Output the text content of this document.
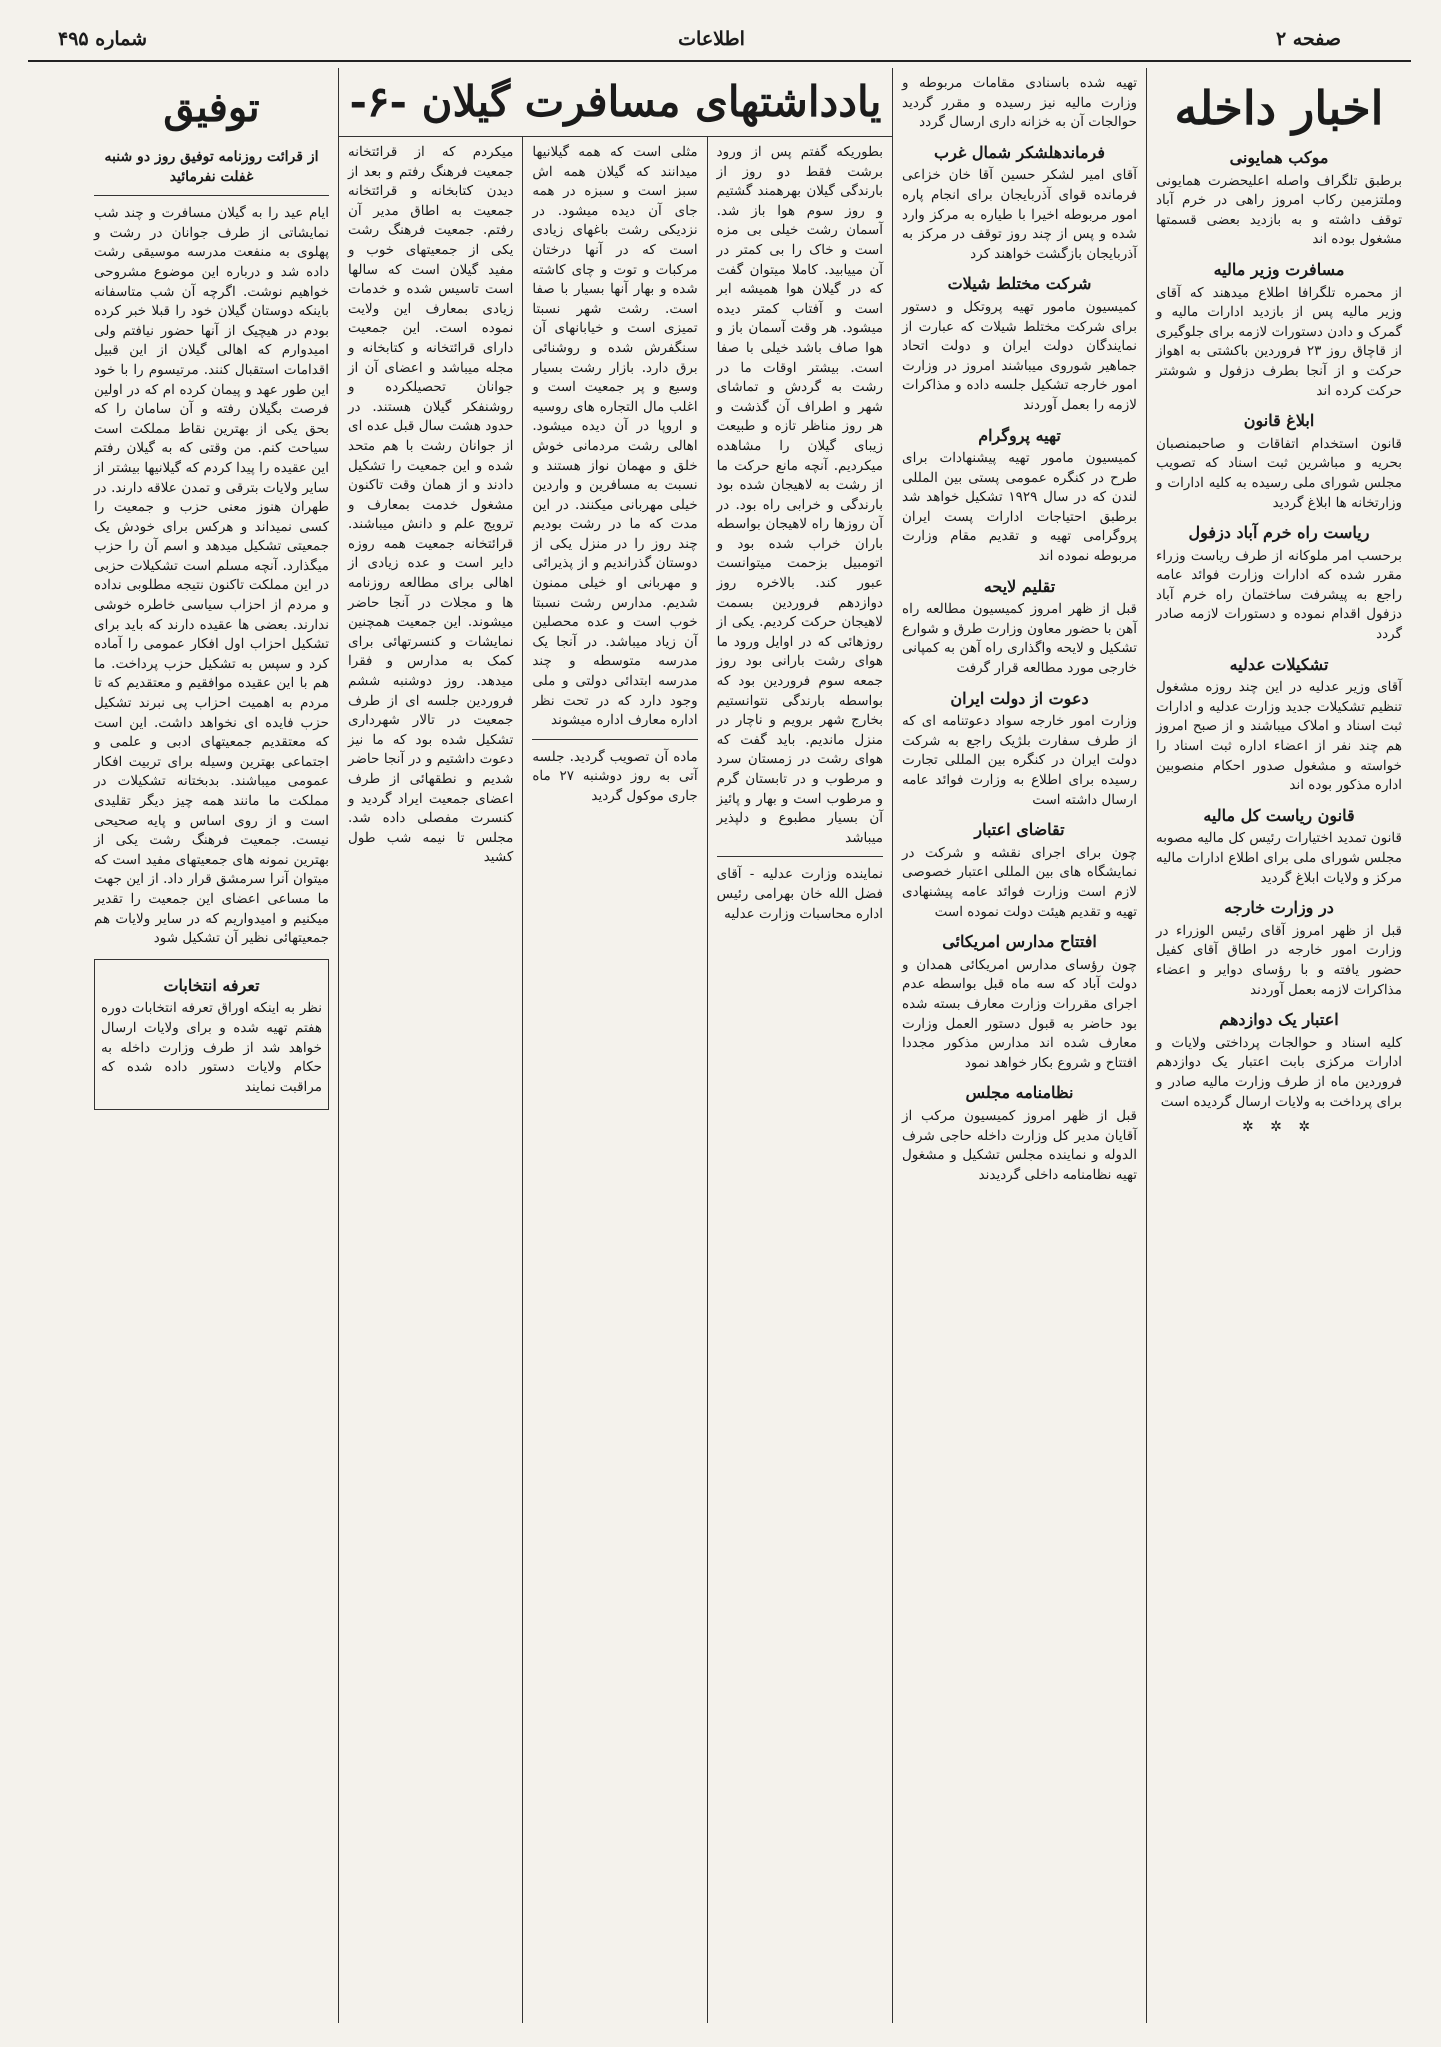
صفحه ۲
اطلاعات
شماره ۴۹۵
اخبار داخله
موکب همایونی

برطبق تلگراف واصله اعلیحضرت همایونی وملتزمین رکاب امروز راهی در خرم آباد توقف داشته و به بازدید بعضی قسمتها مشغول بوده اند

مسافرت وزیر مالیه

از محمره تلگرافا اطلاع میدهند که آقای وزیر مالیه پس از بازدید ادارات مالیه و گمرک و دادن دستورات لازمه برای جلوگیری از قاچاق روز ۲۳ فروردین باکشتی به اهواز حرکت و از آنجا بطرف دزفول و شوشتر حرکت کرده اند

ابلاغ قانون

قانون استخدام اتفاقات و صاحبمنصبان بحریه و مباشرین ثبت اسناد که تصویب مجلس شورای ملی رسیده به کلیه ادارات و وزارتخانه ها ابلاغ گردید

ریاست راه خرم آباد دزفول

برحسب امر ملوکانه از طرف ریاست وزراء مقرر شده که ادارات وزارت فوائد عامه راجع به پیشرفت ساختمان راه خرم آباد دزفول اقدام نموده و دستورات لازمه صادر گردد

تشکیلات عدلیه

آقای وزیر عدلیه در این چند روزه مشغول تنظیم تشکیلات جدید وزارت عدلیه و ادارات ثبت اسناد و املاک میباشند و از صبح امروز هم چند نفر از اعضاء اداره ثبت اسناد را خواسته و مشغول صدور احکام منصوبین اداره مذکور بوده اند

قانون ریاست کل مالیه

قانون تمدید اختیارات رئیس کل مالیه مصوبه مجلس شورای ملی برای اطلاع ادارات مالیه مرکز و ولایات ابلاغ گردید

در وزارت خارجه

قبل از ظهر امروز آقای رئیس الوزراء در وزارت امور خارجه در اطاق آقای کفیل حضور یافته و با رؤسای دوایر و اعضاء مذاکرات لازمه بعمل آوردند

اعتبار یک دوازدهم

کلیه اسناد و حوالجات پرداختی ولایات و ادارات مرکزی بابت اعتبار یک دوازدهم فروردین ماه از طرف وزارت مالیه صادر و برای پرداخت به ولایات ارسال گردیده است

✲ ✲ ✲

تهیه شده باسنادی مقامات مربوطه و وزارت مالیه نیز رسیده و مقرر گردید حوالجات آن به خزانه داری ارسال گردد

فرماندهلشکر شمال غرب

آقای امیر لشکر حسین آقا خان خزاعی فرمانده قوای آذربایجان برای انجام پاره امور مربوطه اخیرا با طیاره به مرکز وارد شده و پس از چند روز توقف در مرکز به آذربایجان بازگشت خواهند کرد

شرکت مختلط شیلات

کمیسیون مامور تهیه پروتکل و دستور برای شرکت مختلط شیلات که عبارت از نمایندگان دولت ایران و دولت اتحاد جماهیر شوروی میباشند امروز در وزارت امور خارجه تشکیل جلسه داده و مذاکرات لازمه را بعمل آوردند

تهیه پروگرام

کمیسیون مامور تهیه پیشنهادات برای طرح در کنگره عمومی پستی بین المللی لندن که در سال ۱۹۲۹ تشکیل خواهد شد برطبق احتیاجات ادارات پست ایران پروگرامی تهیه و تقدیم مقام وزارت مربوطه نموده اند

تقلیم لایحه

قبل از ظهر امروز کمیسیون مطالعه راه آهن با حضور معاون وزارت طرق و شوارع تشکیل و لایحه واگذاری راه آهن به کمپانی خارجی مورد مطالعه قرار گرفت

دعوت از دولت ایران

وزارت امور خارجه سواد دعوتنامه ای که از طرف سفارت بلژیک راجع به شرکت دولت ایران در کنگره بین المللی تجارت رسیده برای اطلاع به وزارت فوائد عامه ارسال داشته است

تقاضای اعتبار

چون برای اجرای نقشه و شرکت در نمایشگاه های بین المللی اعتبار خصوصی لازم است وزارت فوائد عامه پیشنهادی تهیه و تقدیم هیئت دولت نموده است

افتتاح مدارس امریکائی

چون رؤسای مدارس امریکائی همدان و دولت آباد که سه ماه قبل بواسطه عدم اجرای مقررات وزارت معارف بسته شده بود حاضر به قبول دستور العمل وزارت معارف شده اند مدارس مذکور مجددا افتتاح و شروع بکار خواهد نمود

نظامنامه مجلس

قبل از ظهر امروز کمیسیون مرکب از آقایان مدیر کل وزارت داخله حاجی شرف الدوله و نماینده مجلس تشکیل و مشغول تهیه نظامنامه داخلی گردیدند

یادداشتهای مسافرت گیلان -۶-

بطوریکه گفتم پس از ورود برشت فقط دو روز از بارندگی گیلان بهرهمند گشتیم و روز سوم هوا باز شد. آسمان رشت خیلی بی مزه است و خاک را بی کمتر در آن مییابید. کاملا میتوان گفت که در گیلان هوا همیشه ابر است و آفتاب کمتر دیده میشود. هر وقت آسمان باز و هوا صاف باشد خیلی با صفا است. بیشتر اوقات ما در رشت به گردش و تماشای شهر و اطراف آن گذشت و هر روز مناظر تازه و طبیعت زیبای گیلان را مشاهده میکردیم. آنچه مانع حرکت ما از رشت به لاهیجان شده بود بارندگی و خرابی راه بود. در آن روزها راه لاهیجان بواسطه باران خراب شده بود و اتومبیل بزحمت میتوانست عبور کند. بالاخره روز دوازدهم فروردین بسمت لاهیجان حرکت کردیم. یکی از روزهائی که در اوایل ورود ما هوای رشت بارانی بود روز جمعه سوم فروردین بود که بواسطه بارندگی نتوانستیم بخارج شهر برویم و ناچار در منزل ماندیم. باید گفت که هوای رشت در زمستان سرد و مرطوب و در تابستان گرم و مرطوب است و بهار و پائیز آن بسیار مطبوع و دلپذیر میباشد

نماینده وزارت عدلیه - آقای فضل الله خان بهرامی رئیس اداره محاسبات وزارت عدلیه

مثلی است که همه گیلانیها میدانند که گیلان همه اش سبز است و سبزه در همه جای آن دیده میشود. در نزدیکی رشت باغهای زیادی است که در آنها درختان مرکبات و توت و چای کاشته شده و بهار آنها بسیار با صفا است. رشت شهر نسبتا تمیزی است و خیابانهای آن سنگفرش شده و روشنائی برق دارد. بازار رشت بسیار وسیع و پر جمعیت است و اغلب مال التجاره های روسیه و اروپا در آن دیده میشود. اهالی رشت مردمانی خوش خلق و مهمان نواز هستند و نسبت به مسافرین و واردین خیلی مهربانی میکنند. در این مدت که ما در رشت بودیم چند روز را در منزل یکی از دوستان گذراندیم و از پذیرائی و مهربانی او خیلی ممنون شدیم. مدارس رشت نسبتا خوب است و عده محصلین آن زیاد میباشد. در آنجا یک مدرسه متوسطه و چند مدرسه ابتدائی دولتی و ملی وجود دارد که در تحت نظر اداره معارف اداره میشوند

ماده آن تصویب گردید. جلسه آتی به روز دوشنبه ۲۷ ماه جاری موکول گردید

میکردم که از قرائتخانه جمعیت فرهنگ رفتم و بعد از دیدن کتابخانه و قرائتخانه جمعیت به اطاق مدیر آن رفتم. جمعیت فرهنگ رشت یکی از جمعیتهای خوب و مفید گیلان است که سالها است تاسیس شده و خدمات زیادی بمعارف این ولایت نموده است. این جمعیت دارای قرائتخانه و کتابخانه و مجله میباشد و اعضای آن از جوانان تحصیلکرده و روشنفکر گیلان هستند. در حدود هشت سال قبل عده ای از جوانان رشت با هم متحد شده و این جمعیت را تشکیل دادند و از همان وقت تاکنون مشغول خدمت بمعارف و ترویج علم و دانش میباشند. قرائتخانه جمعیت همه روزه دایر است و عده زیادی از اهالی برای مطالعه روزنامه ها و مجلات در آنجا حاضر میشوند. این جمعیت همچنین نمایشات و کنسرتهائی برای کمک به مدارس و فقرا میدهد. روز دوشنبه ششم فروردین جلسه ای از طرف جمعیت در تالار شهرداری تشکیل شده بود که ما نیز دعوت داشتیم و در آنجا حاضر شدیم و نطقهائی از طرف اعضای جمعیت ایراد گردید و کنسرت مفصلی داده شد. مجلس تا نیمه شب طول کشید

توفیق
از قرائت روزنامه توفیق روز دو شنبه غفلت نفرمائید

ایام عید را به گیلان مسافرت و چند شب نمایشاتی از طرف جوانان در رشت و پهلوی به منفعت مدرسه موسیقی رشت داده شد و درباره این موضوع مشروحی خواهیم نوشت. اگرچه آن شب متاسفانه باینکه دوستان گیلان خود را قبلا خبر کرده بودم در هیچیک از آنها حضور نیافتم ولی امیدوارم که اهالی گیلان از این قبیل اقدامات استقبال کنند. مرتیسوم را با خود این طور عهد و پیمان کرده ام که در اولین فرصت بگیلان رفته و آن سامان را که بحق یکی از بهترین نقاط مملکت است سیاحت کنم. من وقتی که به گیلان رفتم این عقیده را پیدا کردم که گیلانیها بیشتر از سایر ولایات بترقی و تمدن علاقه دارند. در طهران هنوز معنی حزب و جمعیت را کسی نمیداند و هرکس برای خودش یک جمعیتی تشکیل میدهد و اسم آن را حزب میگذارد. آنچه مسلم است تشکیلات حزبی در این مملکت تاکنون نتیجه مطلوبی نداده و مردم از احزاب سیاسی خاطره خوشی ندارند. بعضی ها عقیده دارند که باید برای تشکیل احزاب اول افکار عمومی را آماده کرد و سپس به تشکیل حزب پرداخت. ما هم با این عقیده موافقیم و معتقدیم که تا مردم به اهمیت احزاب پی نبرند تشکیل حزب فایده ای نخواهد داشت. این است که معتقدیم جمعیتهای ادبی و علمی و اجتماعی بهترین وسیله برای تربیت افکار عمومی میباشند. بدبختانه تشکیلات در مملکت ما مانند همه چیز دیگر تقلیدی است و از روی اساس و پایه صحیحی نیست. جمعیت فرهنگ رشت یکی از بهترین نمونه های جمعیتهای مفید است که میتوان آنرا سرمشق قرار داد. از این جهت ما مساعی اعضای این جمعیت را تقدیر میکنیم و امیدواریم که در سایر ولایات هم جمعیتهائی نظیر آن تشکیل شود

تعرفه انتخابات

نظر به اینکه اوراق تعرفه انتخابات دوره هفتم تهیه شده و برای ولایات ارسال خواهد شد از طرف وزارت داخله به حکام ولایات دستور داده شده که مراقبت نمایند
